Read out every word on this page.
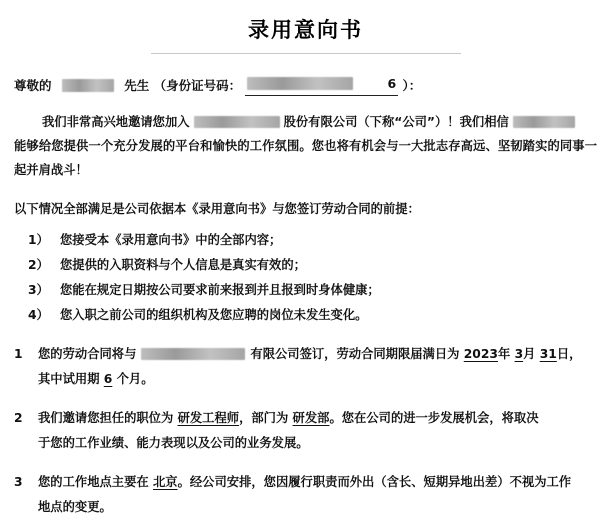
录用意向书
尊敬的	先生 （身份证号码：	6 ）：
我们非常高兴地邀请您加入	股份有限公司（下称“公司”）！我们相信
能够给您提供一个充分发展的平台和愉快的工作氛围。您也将有机会与一大批志存高远、坚韧踏实的同事一起并肩战斗！
以下情况全部满足是公司依据本《录用意向书》与您签订劳动合同的前提：
1） 您接受本《录用意向书》中的全部内容；
2） 您提供的入职资料与个人信息是真实有效的；
3） 您能在规定日期按公司要求前来报到并且报到时身体健康；
4） 您入职之前公司的组织机构及您应聘的岗位未发生变化。
1	您的劳动合同将与	有限公司签订，劳动合同期限届满日为 2023年 3月 31日，
其中试用期 6 个月。
2	我们邀请您担任的职位为 研发工程师，部门为 研发部。您在公司的进一步发展机会，将取决
于您的工作业绩、能力表现以及公司的业务发展。
3	您的工作地点主要在 北京。经公司安排，您因履行职责而外出（含长、短期异地出差）不视为工作
地点的变更。
